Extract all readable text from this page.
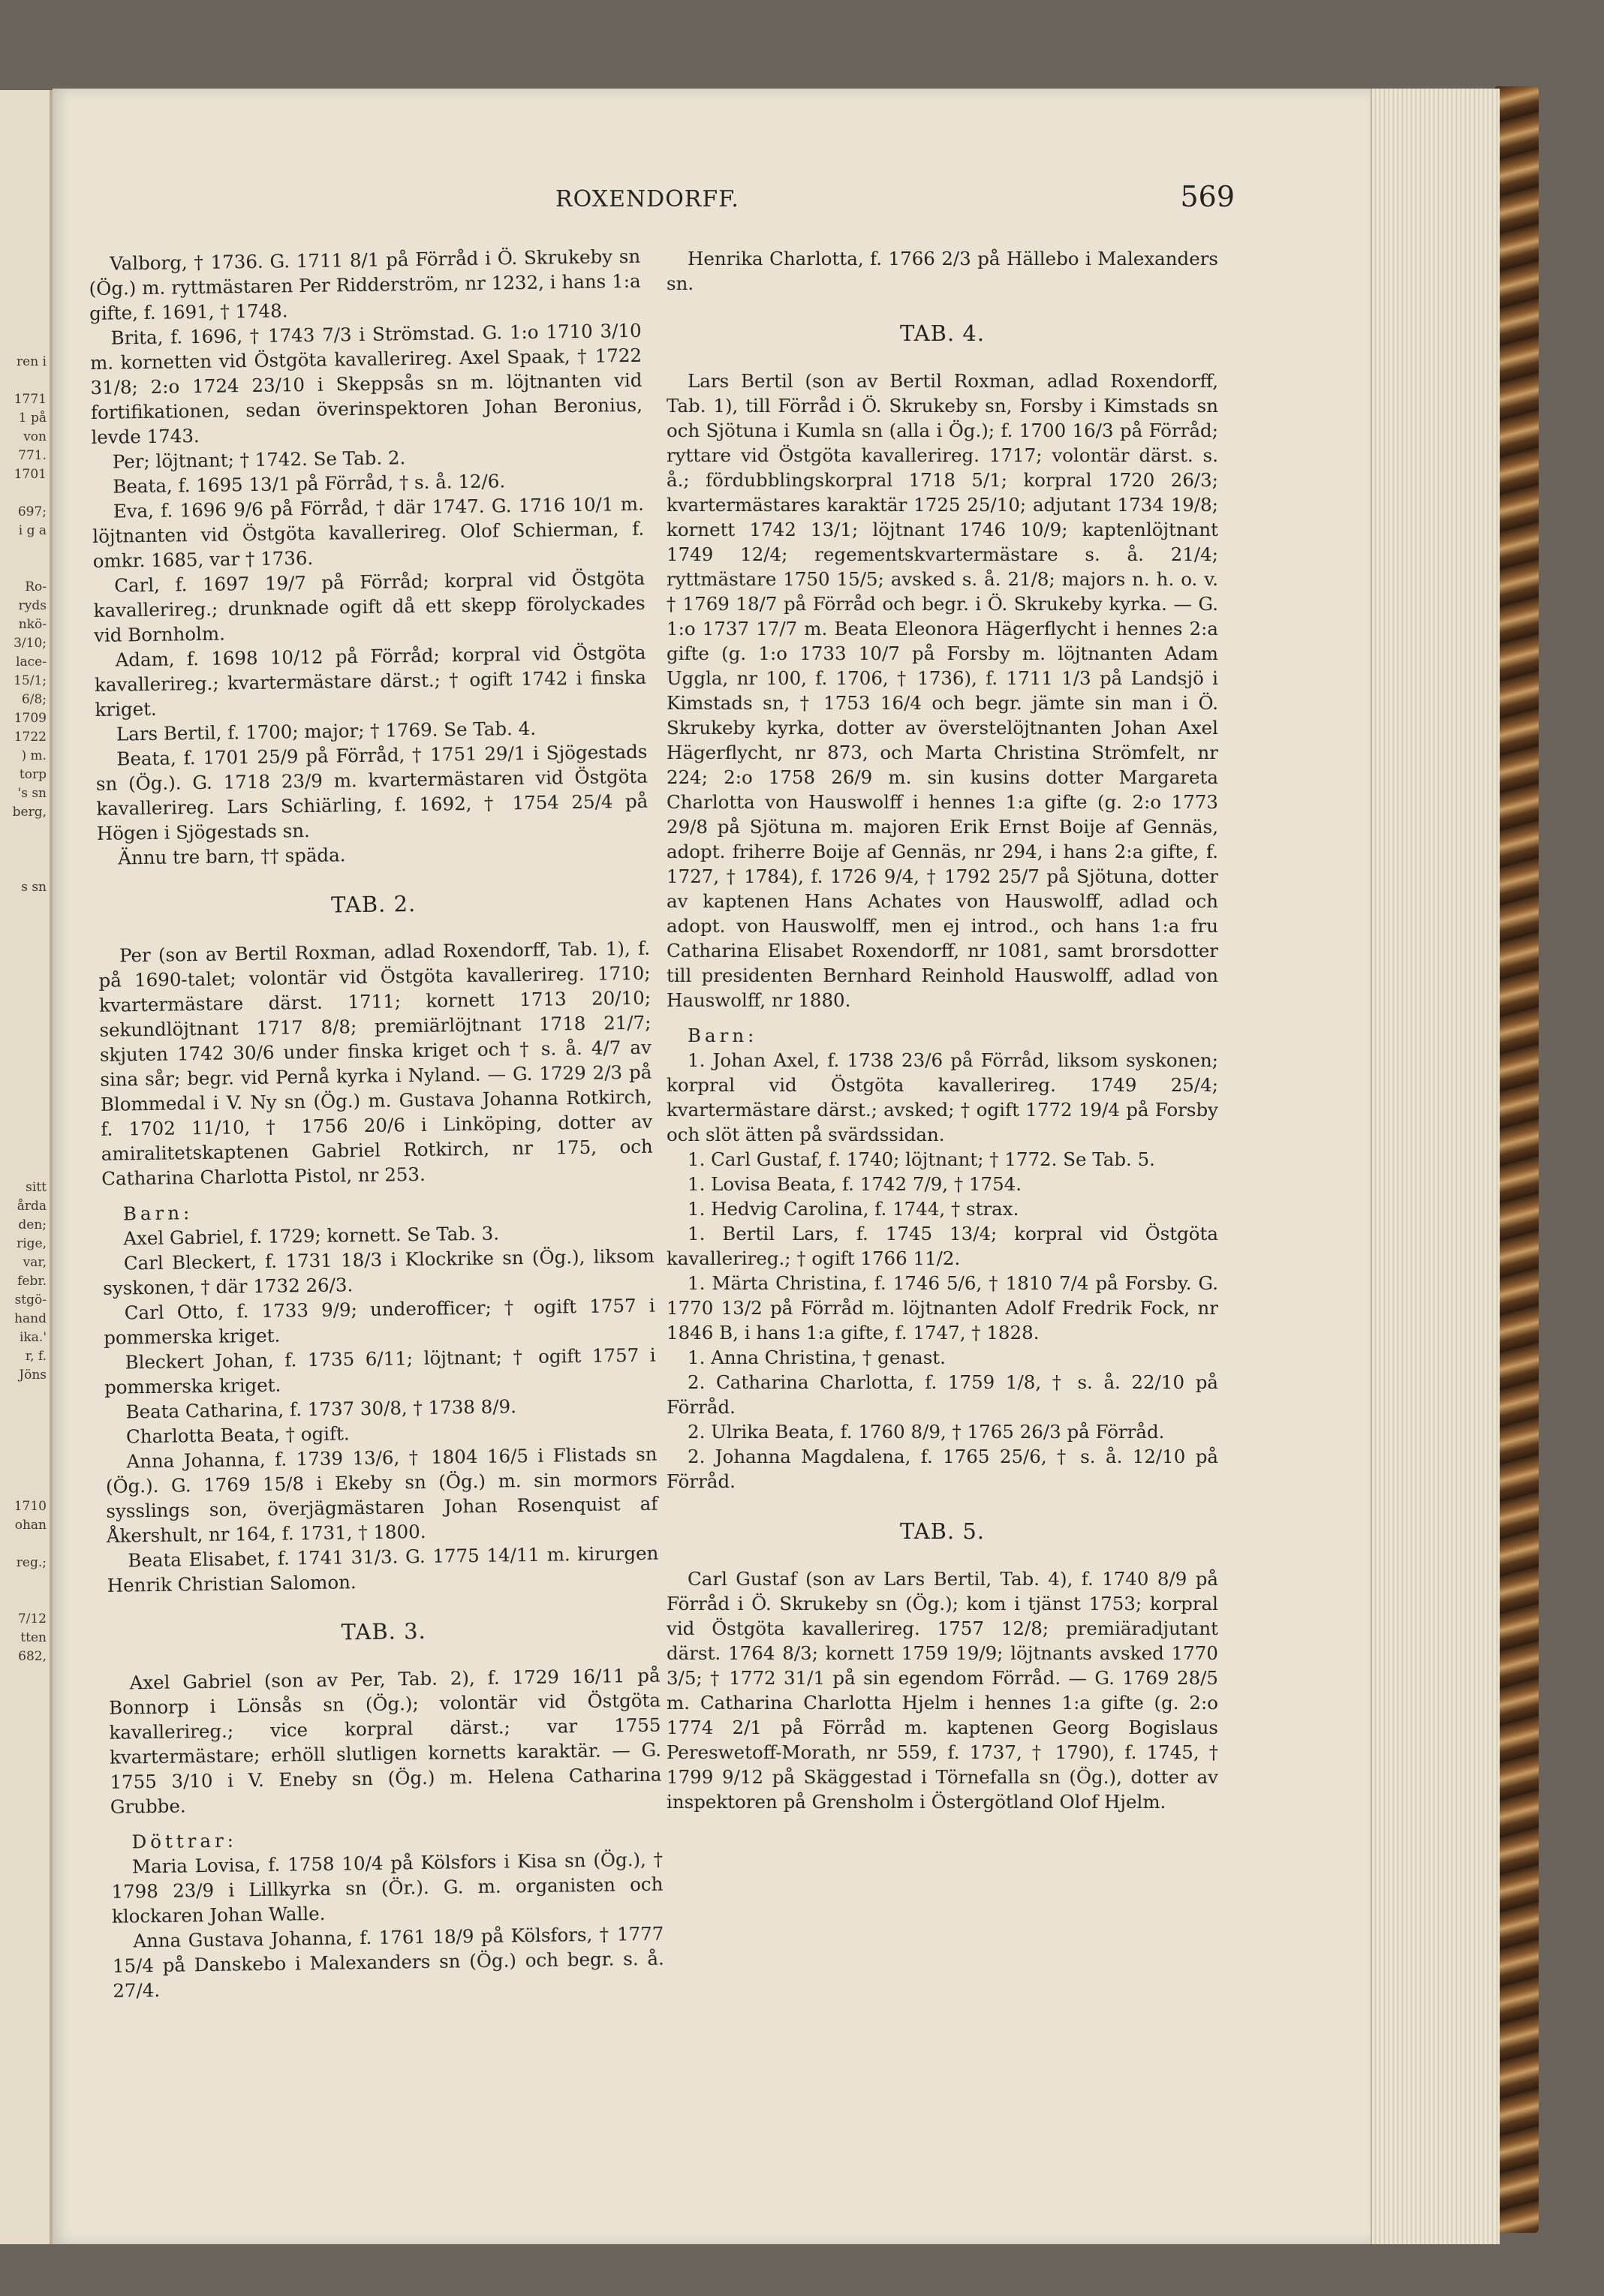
ren i

1771
1 på
von
771.
1701

697;
i g a

Ro-
ryds
nkö-
3/10;
lace-
15/1;
6/8;
1709
1722
) m.
torp
's sn
berg,

s sn

sitt
årda
den;
rige,
var,
febr.
stgö-
hand
ika.'
r, f.
Jöns

1710
ohan

reg.;

7/12
tten
682,
ROXENDORFF.	569

Valborg, † 1736. G. 1711 8/1 på Förråd i Ö. Skrukeby sn (Ög.) m. ryttmästaren Per Ridderström, nr 1232, i hans 1:a gifte, f. 1691, † 1748.

Brita, f. 1696, † 1743 7/3 i Strömstad. G. 1:o 1710 3/10 m. kornetten vid Östgöta kavallerireg. Axel Spaak, † 1722 31/8; 2:o 1724 23/10 i Skeppsås sn m. löjtnanten vid fortifikationen, sedan överinspektoren Johan Beronius, levde 1743.

Per; löjtnant; † 1742. Se Tab. 2.

Beata, f. 1695 13/1 på Förråd, † s. å. 12/6.

Eva, f. 1696 9/6 på Förråd, † där 1747. G. 1716 10/1 m. löjtnanten vid Östgöta kavallerireg. Olof Schierman, f. omkr. 1685, var † 1736.

Carl, f. 1697 19/7 på Förråd; korpral vid Östgöta kavallerireg.; drunknade ogift då ett skepp förolyckades vid Bornholm.

Adam, f. 1698 10/12 på Förråd; korpral vid Östgöta kavallerireg.; kvartermästare därst.; † ogift 1742 i finska kriget.

Lars Bertil, f. 1700; major; † 1769. Se Tab. 4.

Beata, f. 1701 25/9 på Förråd, † 1751 29/1 i Sjögestads sn (Ög.). G. 1718 23/9 m. kvartermästaren vid Östgöta kavallerireg. Lars Schiärling, f. 1692, † 1754 25/4 på Högen i Sjögestads sn.

Ännu tre barn, †† späda.

TAB. 2.

Per (son av Bertil Roxman, adlad Roxendorff, Tab. 1), f. på 1690-talet; volontär vid Östgöta kavallerireg. 1710; kvartermästare därst. 1711; kornett 1713 20/10; sekundlöjtnant 1717 8/8; premiärlöjtnant 1718 21/7; skjuten 1742 30/6 under finska kriget och † s. å. 4/7 av sina sår; begr. vid Pernå kyrka i Nyland. — G. 1729 2/3 på Blommedal i V. Ny sn (Ög.) m. Gustava Johanna Rotkirch, f. 1702 11/10, † 1756 20/6 i Linköping, dotter av amiralitetskaptenen Gabriel Rotkirch, nr 175, och Catharina Charlotta Pistol, nr 253.

Barn:

Axel Gabriel, f. 1729; kornett. Se Tab. 3.

Carl Bleckert, f. 1731 18/3 i Klockrike sn (Ög.), liksom syskonen, † där 1732 26/3.

Carl Otto, f. 1733 9/9; underofficer; † ogift 1757 i pommerska kriget.

Bleckert Johan, f. 1735 6/11; löjtnant; † ogift 1757 i pommerska kriget.

Beata Catharina, f. 1737 30/8, † 1738 8/9.

Charlotta Beata, † ogift.

Anna Johanna, f. 1739 13/6, † 1804 16/5 i Flistads sn (Ög.). G. 1769 15/8 i Ekeby sn (Ög.) m. sin mormors sysslings son, överjägmästaren Johan Rosenquist af Åkershult, nr 164, f. 1731, † 1800.

Beata Elisabet, f. 1741 31/3. G. 1775 14/11 m. kirurgen Henrik Christian Salomon.

TAB. 3.

Axel Gabriel (son av Per, Tab. 2), f. 1729 16/11 på Bonnorp i Lönsås sn (Ög.); volontär vid Östgöta kavallerireg.; vice korpral därst.; var 1755 kvartermästare; erhöll slutligen kornetts karaktär. — G. 1755 3/10 i V. Eneby sn (Ög.) m. Helena Catharina Grubbe.

Döttrar:

Maria Lovisa, f. 1758 10/4 på Kölsfors i Kisa sn (Ög.), † 1798 23/9 i Lillkyrka sn (Ör.). G. m. organisten och klockaren Johan Walle.

Anna Gustava Johanna, f. 1761 18/9 på Kölsfors, † 1777 15/4 på Danskebo i Malexanders sn (Ög.) och begr. s. å. 27/4.

Henrika Charlotta, f. 1766 2/3 på Hällebo i Malexanders sn.

TAB. 4.

Lars Bertil (son av Bertil Roxman, adlad Roxendorff, Tab. 1), till Förråd i Ö. Skrukeby sn, Forsby i Kimstads sn och Sjötuna i Kumla sn (alla i Ög.); f. 1700 16/3 på Förråd; ryttare vid Östgöta kavallerireg. 1717; volontär därst. s. å.; fördubblingskorpral 1718 5/1; korpral 1720 26/3; kvartermästares karaktär 1725 25/10; adjutant 1734 19/8; kornett 1742 13/1; löjtnant 1746 10/9; kaptenlöjtnant 1749 12/4; regementskvartermästare s. å. 21/4; ryttmästare 1750 15/5; avsked s. å. 21/8; majors n. h. o. v. † 1769 18/7 på Förråd och begr. i Ö. Skrukeby kyrka. — G. 1:o 1737 17/7 m. Beata Eleonora Hägerflycht i hennes 2:a gifte (g. 1:o 1733 10/7 på Forsby m. löjtnanten Adam Uggla, nr 100, f. 1706, † 1736), f. 1711 1/3 på Landsjö i Kimstads sn, † 1753 16/4 och begr. jämte sin man i Ö. Skrukeby kyrka, dotter av överstelöjtnanten Johan Axel Hägerflycht, nr 873, och Marta Christina Strömfelt, nr 224; 2:o 1758 26/9 m. sin kusins dotter Margareta Charlotta von Hauswolff i hennes 1:a gifte (g. 2:o 1773 29/8 på Sjötuna m. majoren Erik Ernst Boije af Gennäs, adopt. friherre Boije af Gennäs, nr 294, i hans 2:a gifte, f. 1727, † 1784), f. 1726 9/4, † 1792 25/7 på Sjötuna, dotter av kaptenen Hans Achates von Hauswolff, adlad och adopt. von Hauswolff, men ej introd., och hans 1:a fru Catharina Elisabet Roxendorff, nr 1081, samt brorsdotter till presidenten Bernhard Reinhold Hauswolff, adlad von Hauswolff, nr 1880.

Barn:

1. Johan Axel, f. 1738 23/6 på Förråd, liksom syskonen; korpral vid Östgöta kavallerireg. 1749 25/4; kvartermästare därst.; avsked; † ogift 1772 19/4 på Forsby och slöt ätten på svärdssidan.

1. Carl Gustaf, f. 1740; löjtnant; † 1772. Se Tab. 5.

1. Lovisa Beata, f. 1742 7/9, † 1754.

1. Hedvig Carolina, f. 1744, † strax.

1. Bertil Lars, f. 1745 13/4; korpral vid Östgöta kavallerireg.; † ogift 1766 11/2.

1. Märta Christina, f. 1746 5/6, † 1810 7/4 på Forsby. G. 1770 13/2 på Förråd m. löjtnanten Adolf Fredrik Fock, nr 1846 B, i hans 1:a gifte, f. 1747, † 1828.

1. Anna Christina, † genast.

2. Catharina Charlotta, f. 1759 1/8, † s. å. 22/10 på Förråd.

2. Ulrika Beata, f. 1760 8/9, † 1765 26/3 på Förråd.

2. Johanna Magdalena, f. 1765 25/6, † s. å. 12/10 på Förråd.

TAB. 5.

Carl Gustaf (son av Lars Bertil, Tab. 4), f. 1740 8/9 på Förråd i Ö. Skrukeby sn (Ög.); kom i tjänst 1753; korpral vid Östgöta kavallerireg. 1757 12/8; premiäradjutant därst. 1764 8/3; kornett 1759 19/9; löjtnants avsked 1770 3/5; † 1772 31/1 på sin egendom Förråd. — G. 1769 28/5 m. Catharina Charlotta Hjelm i hennes 1:a gifte (g. 2:o 1774 2/1 på Förråd m. kaptenen Georg Bogislaus Pereswetoff-Morath, nr 559, f. 1737, † 1790), f. 1745, † 1799 9/12 på Skäggestad i Törnefalla sn (Ög.), dotter av inspektoren på Grensholm i Östergötland Olof Hjelm.
